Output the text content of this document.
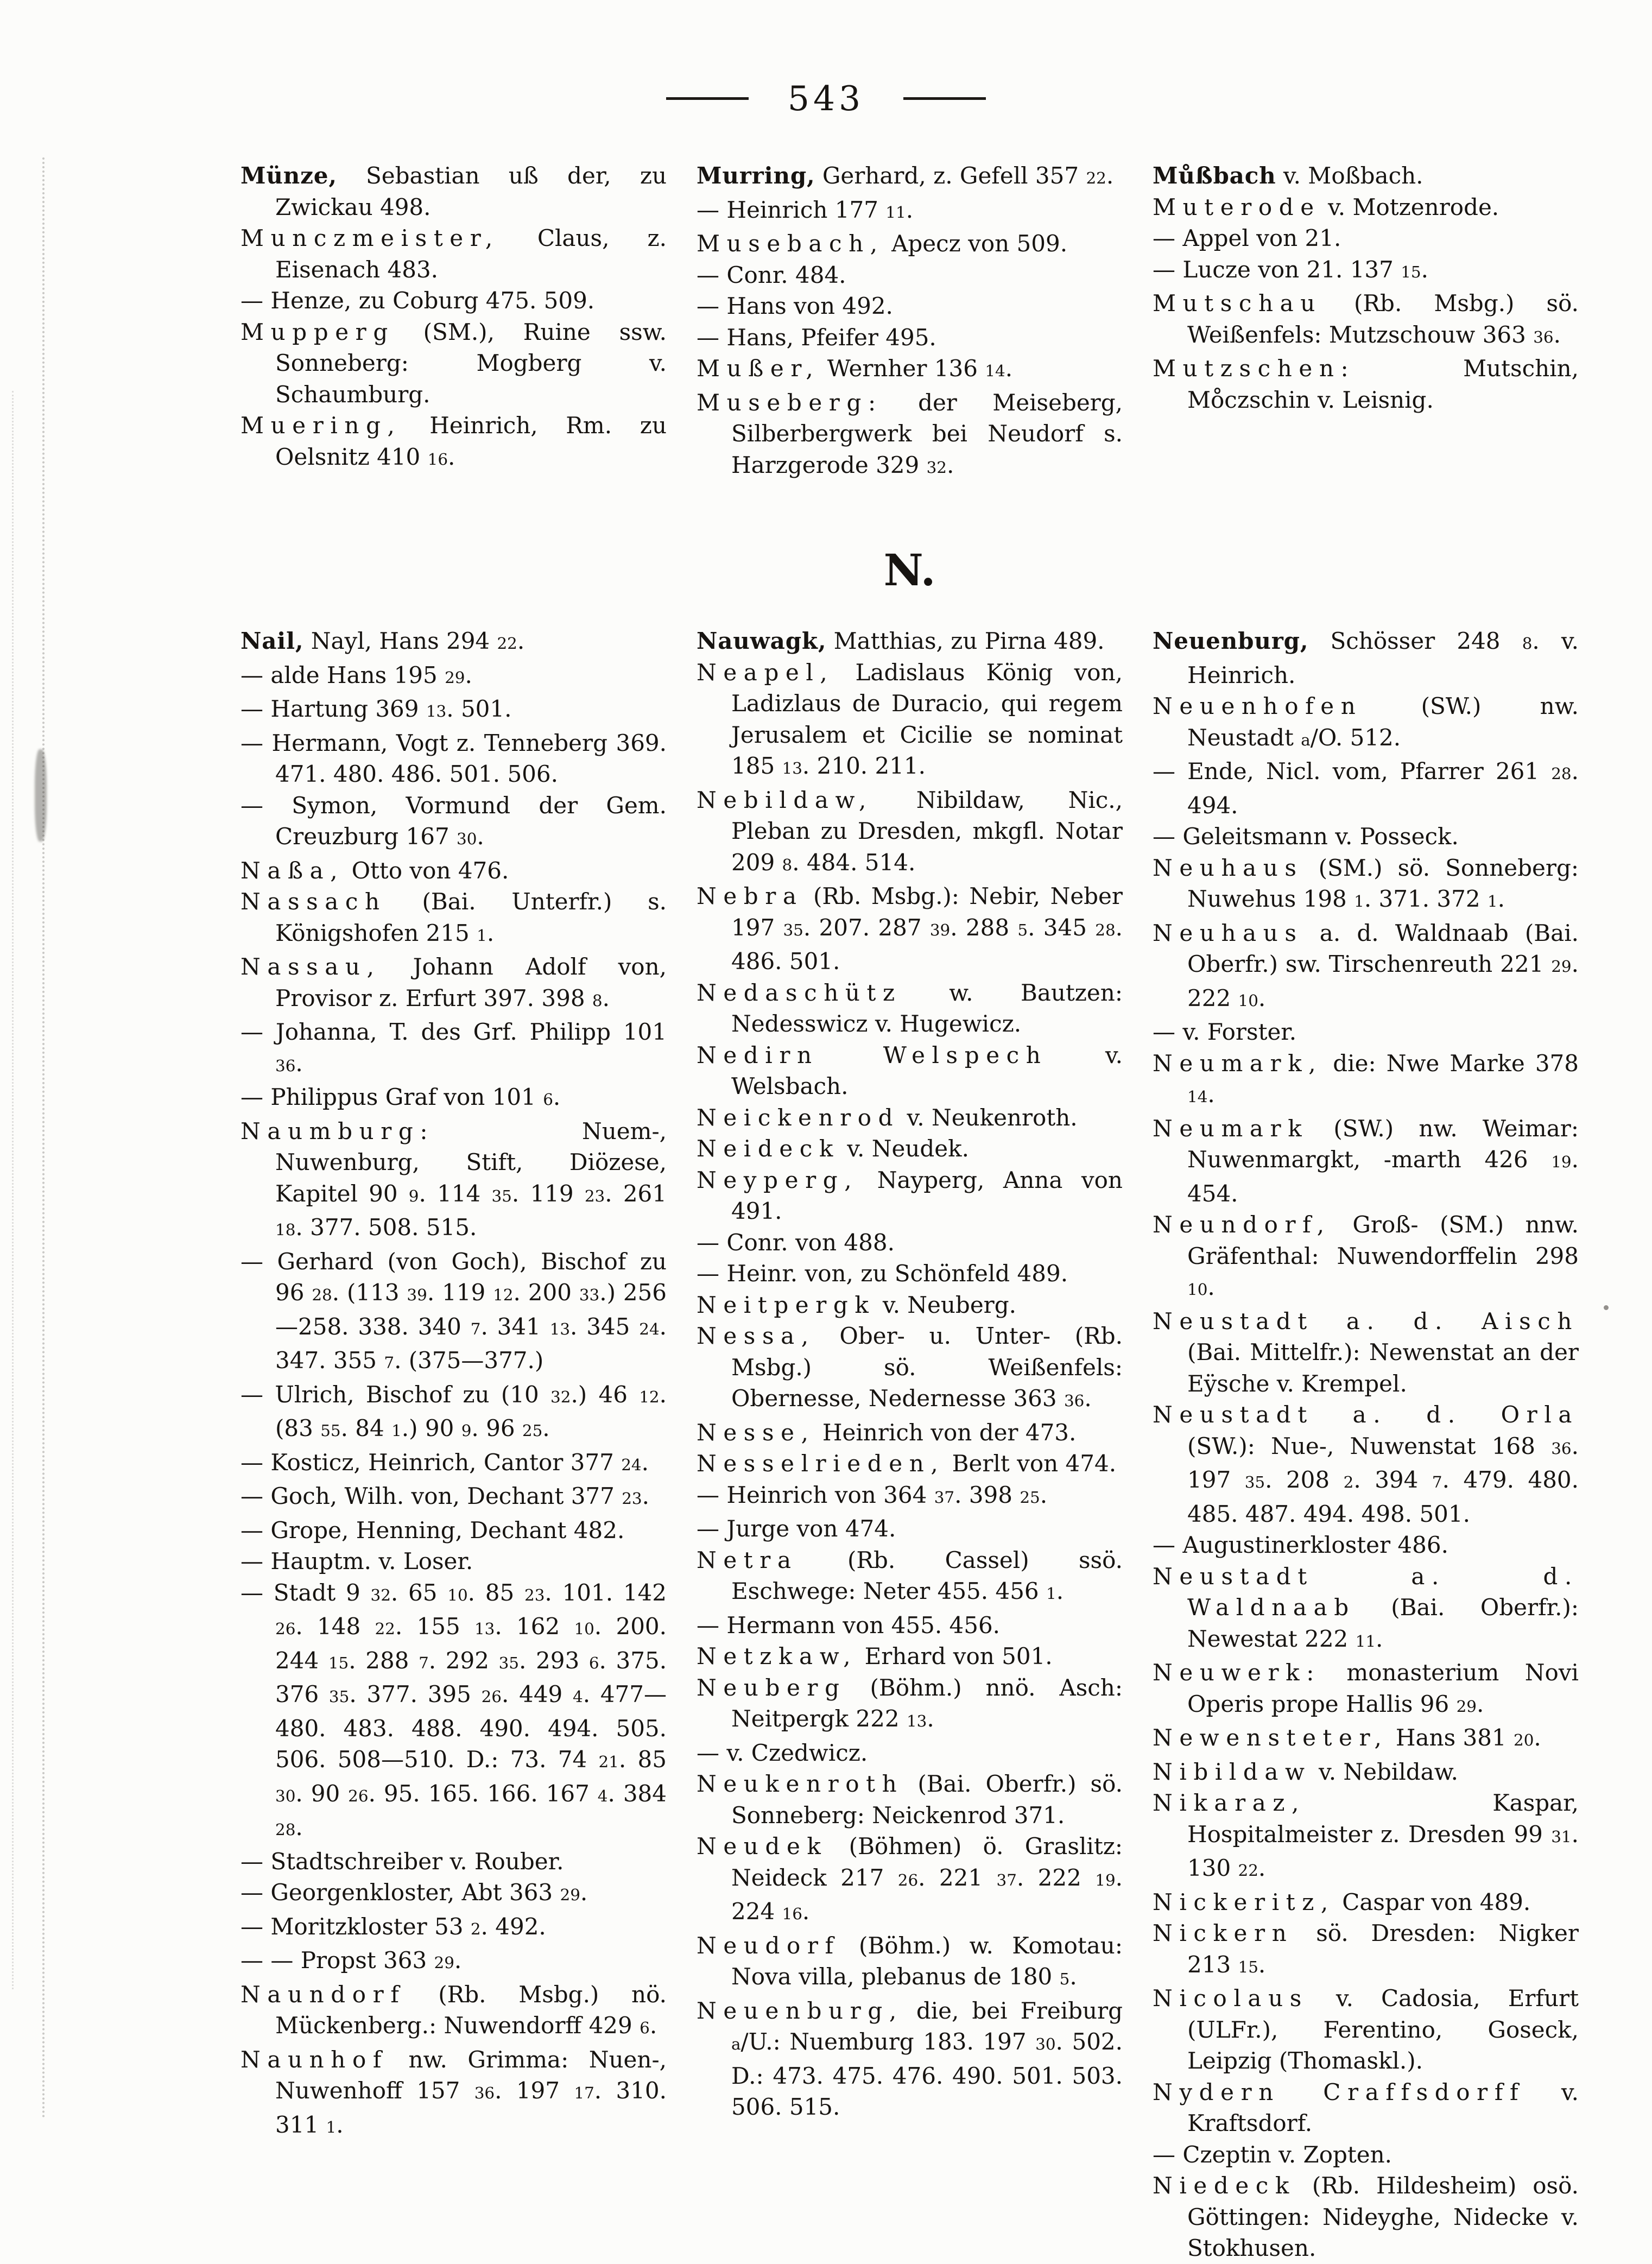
543

Münze, Sebastian uß der, zu Zwickau 498.

Munczmeister, Claus, z. Eisenach 483.

— Henze, zu Coburg 475. 509.

Mupperg (SM.), Ruine ssw. Sonneberg: Mogberg v. Schaumburg.

Muering, Heinrich, Rm. zu Oelsnitz 410 16.

Murring, Gerhard, z. Gefell 357 22.

— Heinrich 177 11.

Musebach, Apecz von 509.

— Conr. 484.

— Hans von 492.

— Hans, Pfeifer 495.

Mußer, Wernher 136 14.

Museberg: der Meiseberg, Silberbergwerk bei Neudorf s. Harzgerode 329 32.

Můßbach v. Moßbach.

Muterode v. Motzenrode.

— Appel von 21.

— Lucze von 21. 137 15.

Mutschau (Rb. Msbg.) sö. Weißenfels: Mutzschouw 363 36.

Mutzschen: Mutschin, Mo̊czschin v. Leisnig.

N.

Nail, Nayl, Hans 294 22.

— alde Hans 195 29.

— Hartung 369 13. 501.

— Hermann, Vogt z. Tenneberg 369. 471. 480. 486. 501. 506.

— Symon, Vormund der Gem. Creuzburg 167 30.

Naßa, Otto von 476.

Nassach (Bai. Unterfr.) s. Königshofen 215 1.

Nassau, Johann Adolf von, Provisor z. Erfurt 397. 398 8.

— Johanna, T. des Grf. Philipp 101 36.

— Philippus Graf von 101 6.

Naumburg: Nuem-, Nuwenburg, Stift, Diözese, Kapitel 90 9. 114 35. 119 23. 261 18. 377. 508. 515.

— Gerhard (von Goch), Bischof zu 96 28. (113 39. 119 12. 200 33.) 256—258. 338. 340 7. 341 13. 345 24. 347. 355 7. (375—377.)

— Ulrich, Bischof zu (10 32.) 46 12. (83 55. 84 1.) 90 9. 96 25.

— Kosticz, Heinrich, Cantor 377 24.

— Goch, Wilh. von, Dechant 377 23.

— Grope, Henning, Dechant 482.

— Hauptm. v. Loser.

— Stadt 9 32. 65 10. 85 23. 101. 142 26. 148 22. 155 13. 162 10. 200. 244 15. 288 7. 292 35. 293 6. 375. 376 35. 377. 395 26. 449 4. 477—480. 483. 488. 490. 494. 505. 506. 508—510. D.: 73. 74 21. 85 30. 90 26. 95. 165. 166. 167 4. 384 28.

— Stadtschreiber v. Rouber.

— Georgenkloster, Abt 363 29.

— Moritzkloster 53 2. 492.

— — Propst 363 29.

Naundorf (Rb. Msbg.) nö. Mückenberg.: Nuwendorff 429 6.

Naunhof nw. Grimma: Nuen-, Nuwenhoff 157 36. 197 17. 310. 311 1.

Nauwagk, Matthias, zu Pirna 489.

Neapel, Ladislaus König von, Ladizlaus de Duracio, qui regem Jerusalem et Cicilie se nominat 185 13. 210. 211.

Nebildaw, Nibildaw, Nic., Pleban zu Dresden, mkgfl. Notar 209 8. 484. 514.

Nebra (Rb. Msbg.): Nebir, Neber 197 35. 207. 287 39. 288 5. 345 28. 486. 501.

Nedaschütz w. Bautzen: Nedesswicz v. Hugewicz.

Nedirn Welspech v. Welsbach.

Neickenrod v. Neukenroth.

Neideck v. Neudek.

Neyperg, Nayperg, Anna von 491.

— Conr. von 488.

— Heinr. von, zu Schönfeld 489.

Neitpergk v. Neuberg.

Nessa, Ober- u. Unter- (Rb. Msbg.) sö. Weißenfels: Obernesse, Nedernesse 363 36.

Nesse, Heinrich von der 473.

Nesselrieden, Berlt von 474.

— Heinrich von 364 37. 398 25.

— Jurge von 474.

Netra (Rb. Cassel) ssö. Eschwege: Neter 455. 456 1.

— Hermann von 455. 456.

Netzkaw, Erhard von 501.

Neuberg (Böhm.) nnö. Asch: Neitpergk 222 13.

— v. Czedwicz.

Neukenroth (Bai. Oberfr.) sö. Sonneberg: Neickenrod 371.

Neudek (Böhmen) ö. Graslitz: Neideck 217 26. 221 37. 222 19. 224 16.

Neudorf (Böhm.) w. Komotau: Nova villa, plebanus de 180 5.

Neuenburg, die, bei Freiburg a/U.: Nuemburg 183. 197 30. 502. D.: 473. 475. 476. 490. 501. 503. 506. 515.

Neuenburg, Schösser 248 8. v. Heinrich.

Neuenhofen (SW.) nw. Neustadt a/O. 512.

— Ende, Nicl. vom, Pfarrer 261 28. 494.

— Geleitsmann v. Posseck.

Neuhaus (SM.) sö. Sonneberg: Nuwehus 198 1. 371. 372 1.

Neuhaus a. d. Waldnaab (Bai. Oberfr.) sw. Tirschenreuth 221 29. 222 10.

— v. Forster.

Neumark, die: Nwe Marke 378 14.

Neumark (SW.) nw. Weimar: Nuwenmargkt, -marth 426 19. 454.

Neundorf, Groß- (SM.) nnw. Gräfenthal: Nuwendorffelin 298 10.

Neustadt a. d. Aisch (Bai. Mittelfr.): Newenstat an der Eÿsche v. Krempel.

Neustadt a. d. Orla (SW.): Nue-, Nuwenstat 168 36. 197 35. 208 2. 394 7. 479. 480. 485. 487. 494. 498. 501.

— Augustinerkloster 486.

Neustadt a. d. Waldnaab (Bai. Oberfr.): Newestat 222 11.

Neuwerk: monasterium Novi Operis prope Hallis 96 29.

Newensteter, Hans 381 20.

Nibildaw v. Nebildaw.

Nikaraz, Kaspar, Hospitalmeister z. Dresden 99 31. 130 22.

Nickeritz, Caspar von 489.

Nickern sö. Dresden: Nigker 213 15.

Nicolaus v. Cadosia, Erfurt (ULFr.), Ferentino, Goseck, Leipzig (Thomaskl.).

Nydern Craffsdorff v. Kraftsdorf.

— Czeptin v. Zopten.

Niedeck (Rb. Hildesheim) osö. Göttingen: Nideyghe, Nidecke v. Stokhusen.
